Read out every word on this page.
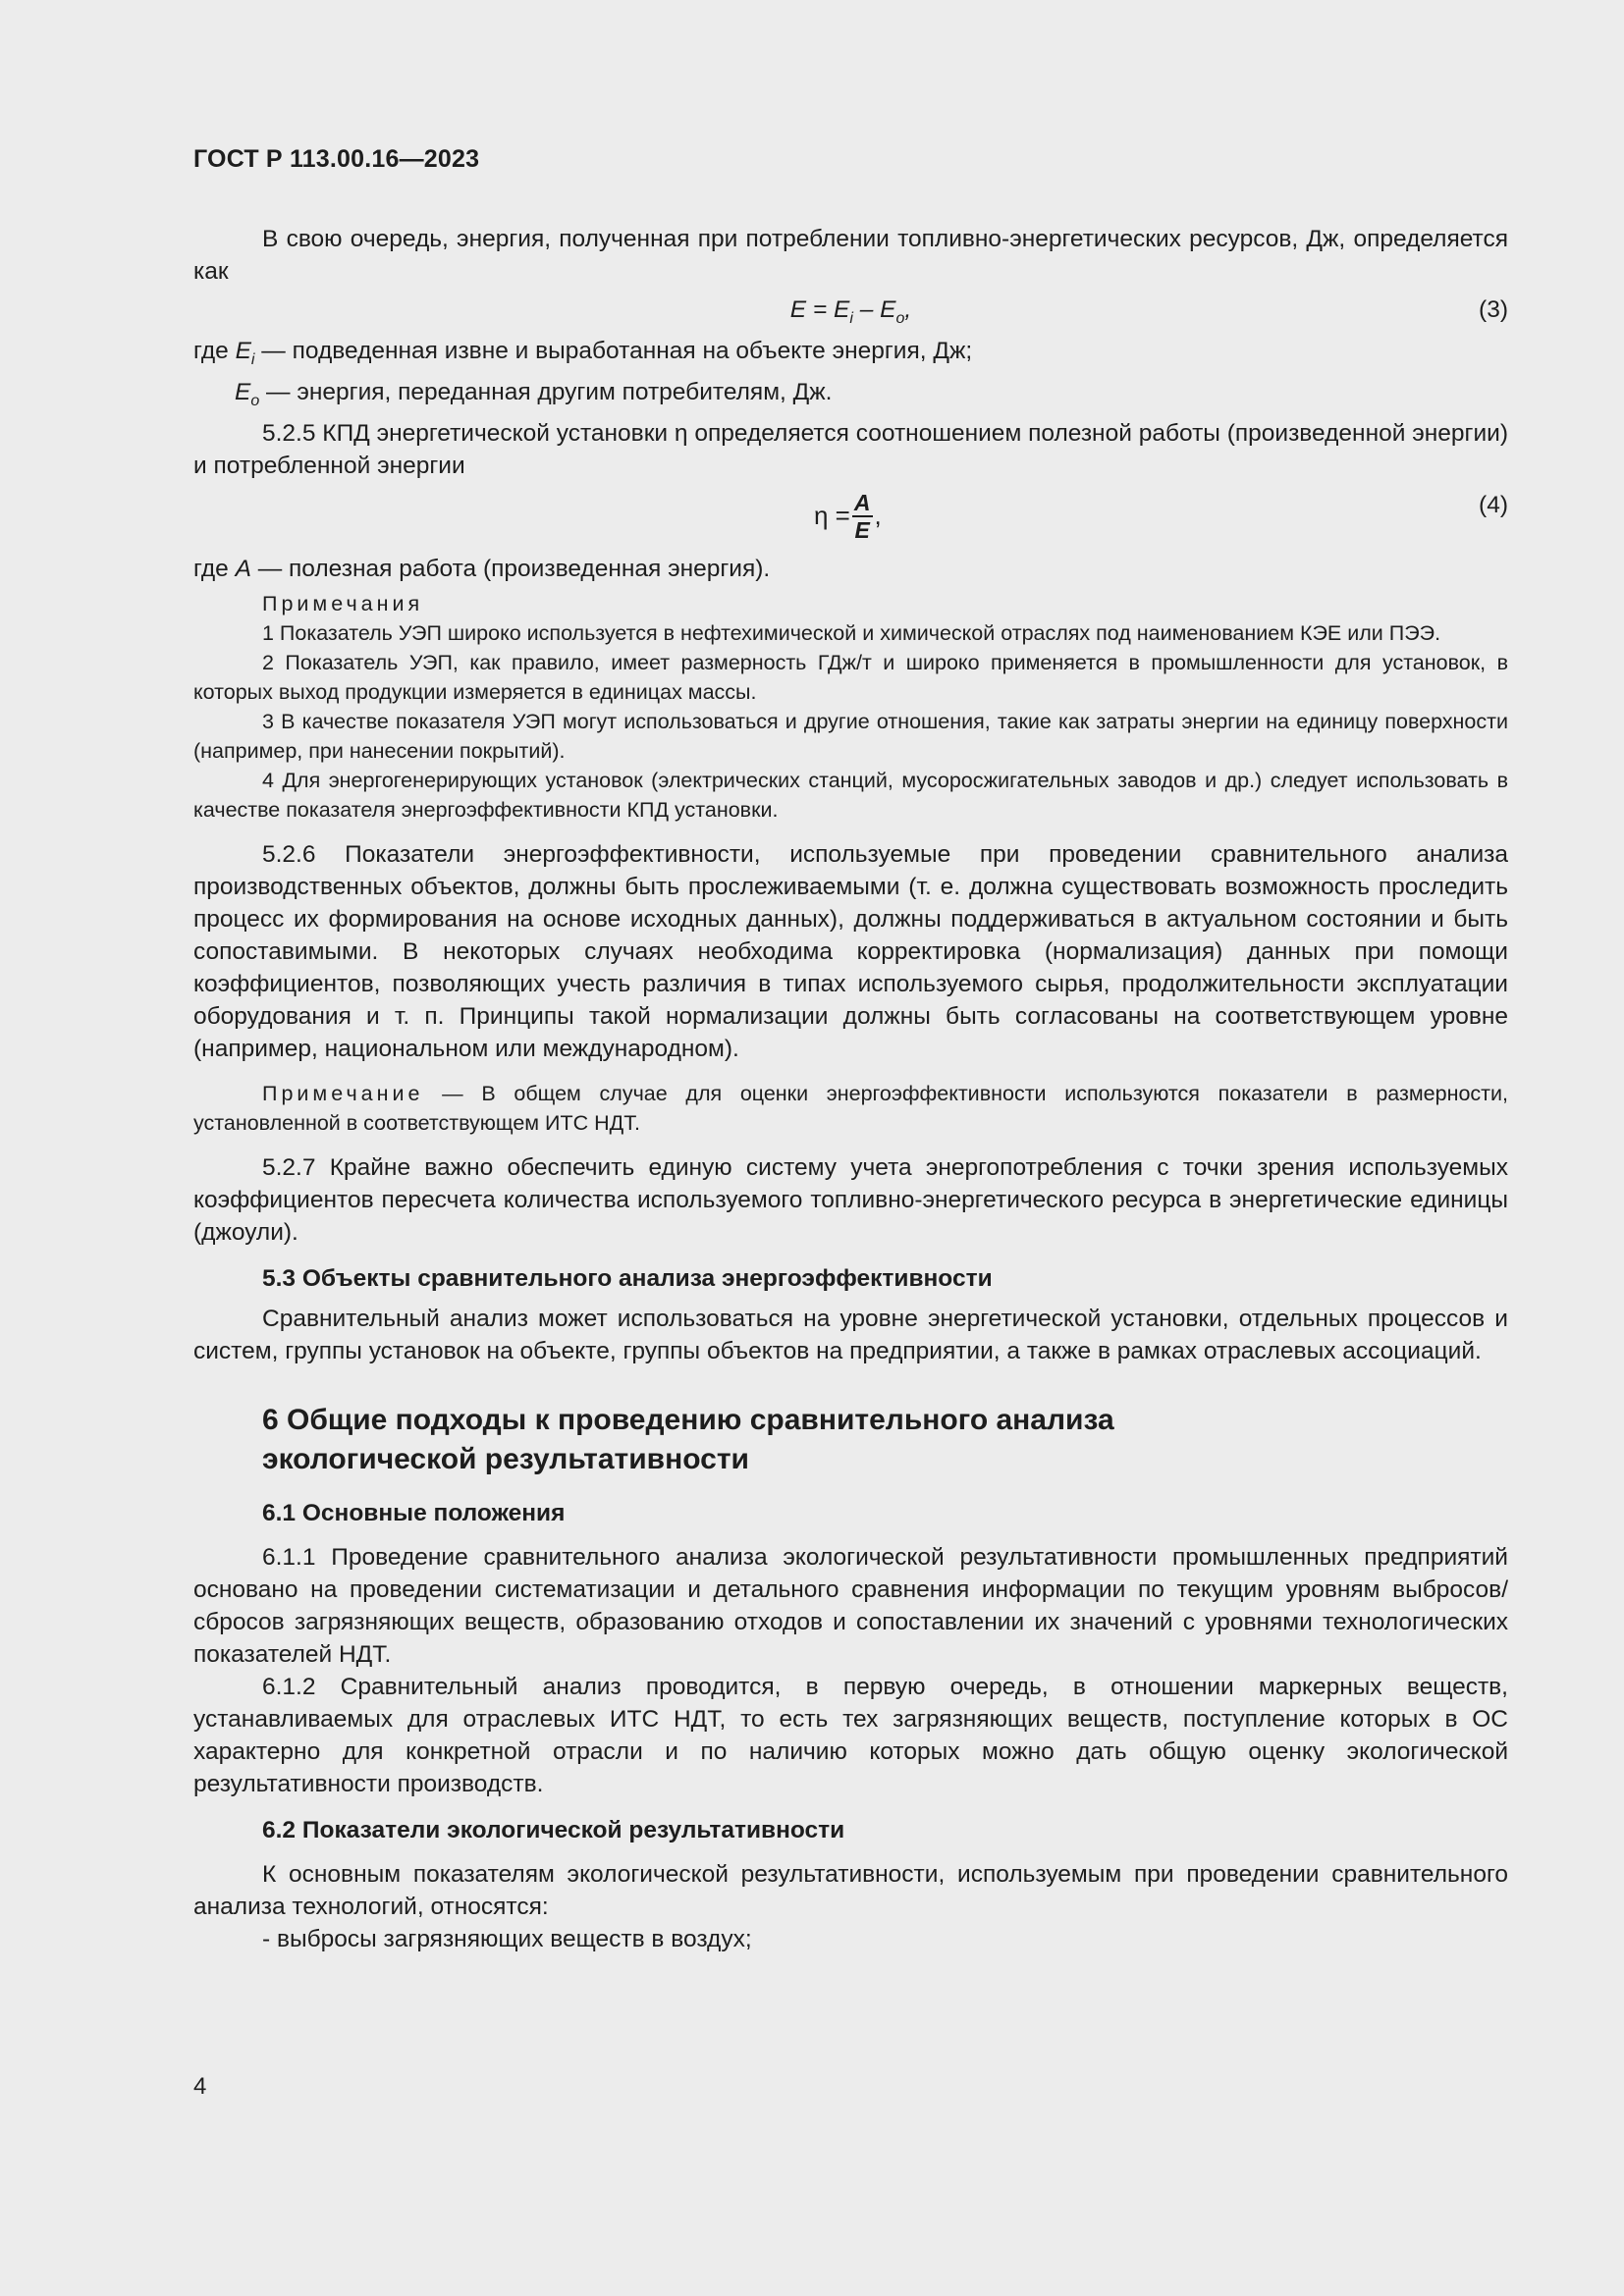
ГОСТ Р 113.00.16—2023

В свою очередь, энергия, полученная при потреблении топливно-энергетических ресурсов, Дж, определяется как

$E = E_i - E_o$,	(3)

где $E_i$ — подведенная извне и выработанная на объекте энергия, Дж;

$E_o$ — энергия, переданная другим потребителям, Дж.

5.2.5 КПД энергетической установки η определяется соотношением полезной работы (произведенной энергии) и потребленной энергии

$\eta = \frac{A}{E}$ ,	(4)

где A — полезная работа (произведенная энергия).

Примечания

1 Показатель УЭП широко используется в нефтехимической и химической отраслях под наименованием КЭЕ или ПЭЭ.

2 Показатель УЭП, как правило, имеет размерность ГДж/т и широко применяется в промышленности для установок, в которых выход продукции измеряется в единицах массы.

3 В качестве показателя УЭП могут использоваться и другие отношения, такие как затраты энергии на единицу поверхности (например, при нанесении покрытий).

4 Для энергогенерирующих установок (электрических станций, мусоросжигательных заводов и др.) следует использовать в качестве показателя энергоэффективности КПД установки.

5.2.6 Показатели энергоэффективности, используемые при проведении сравнительного анализа производственных объектов, должны быть прослеживаемыми (т. е. должна существовать возможность проследить процесс их формирования на основе исходных данных), должны поддерживаться в актуальном состоянии и быть сопоставимыми. В некоторых случаях необходима корректировка (нормализация) данных при помощи коэффициентов, позволяющих учесть различия в типах используемого сырья, продолжительности эксплуатации оборудования и т. п. Принципы такой нормализации должны быть согласованы на соответствующем уровне (например, национальном или международном).

Примечание — В общем случае для оценки энергоэффективности используются показатели в размерности, установленной в соответствующем ИТС НДТ.

5.2.7 Крайне важно обеспечить единую систему учета энергопотребления с точки зрения используемых коэффициентов пересчета количества используемого топливно-энергетического ресурса в энергетические единицы (джоули).

5.3 Объекты сравнительного анализа энергоэффективности

Сравнительный анализ может использоваться на уровне энергетической установки, отдельных процессов и систем, группы установок на объекте, группы объектов на предприятии, а также в рамках отраслевых ассоциаций.

6 Общие подходы к проведению сравнительного анализа
экологической результативности
6.1 Основные положения

6.1.1 Проведение сравнительного анализа экологической результативности промышленных предприятий основано на проведении систематизации и детального сравнения информации по текущим уровням выбросов/сбросов загрязняющих веществ, образованию отходов и сопоставлении их значений с уровнями технологических показателей НДТ.

6.1.2 Сравнительный анализ проводится, в первую очередь, в отношении маркерных веществ, устанавливаемых для отраслевых ИТС НДТ, то есть тех загрязняющих веществ, поступление которых в ОС характерно для конкретной отрасли и по наличию которых можно дать общую оценку экологической результативности производств.

6.2 Показатели экологической результативности

К основным показателям экологической результативности, используемым при проведении сравнительного анализа технологий, относятся:

- выбросы загрязняющих веществ в воздух;
4
